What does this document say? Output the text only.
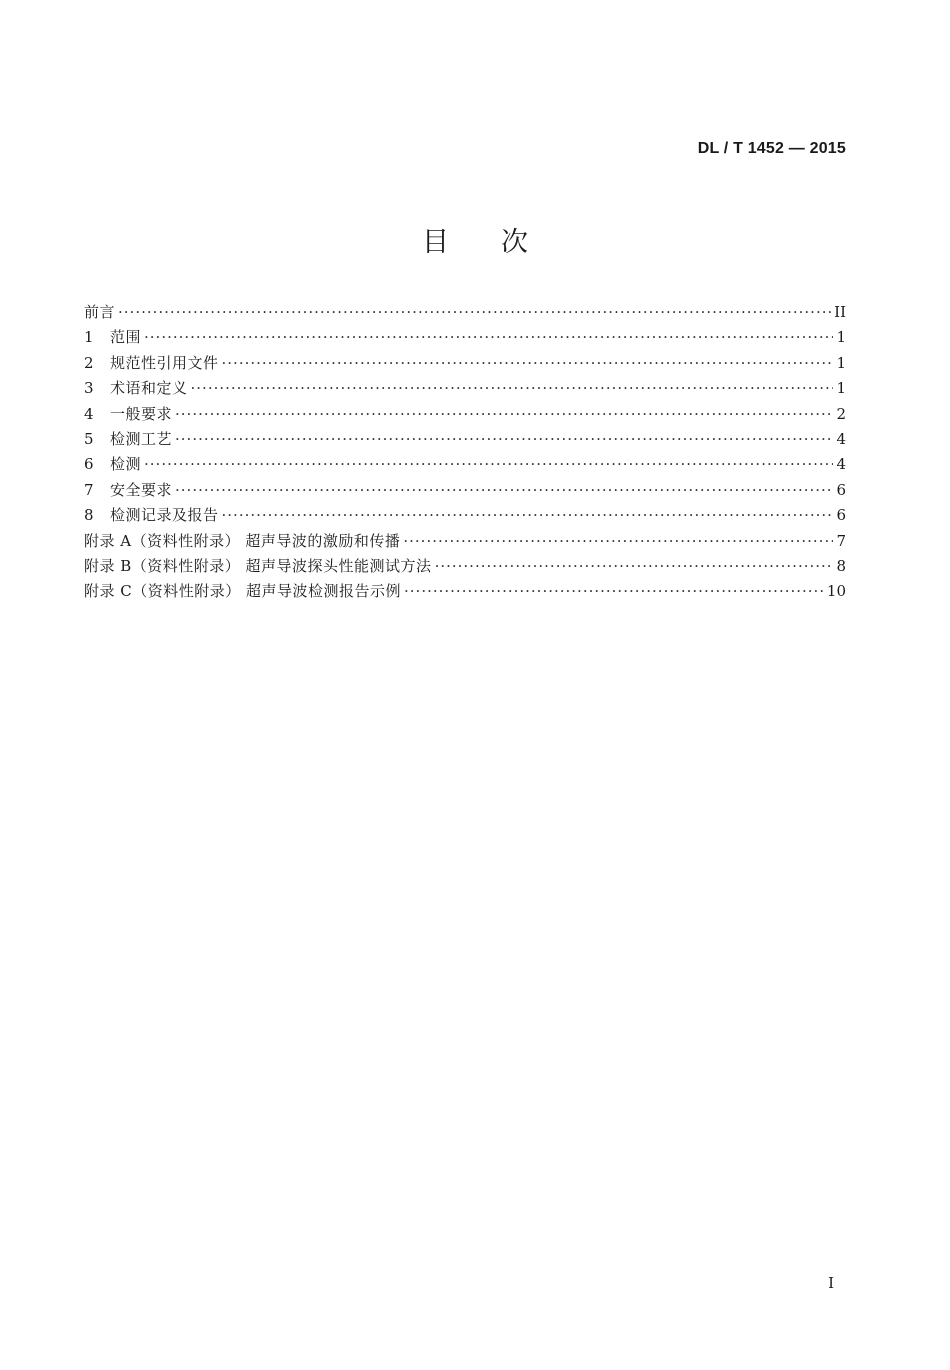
DL / T 1452 — 2015
目次
前言 ·····	II
1	范围 ·····	1
2	规范性引用文件 ·····	1
3	术语和定义 ·····	1
4	一般要求 ·····	2
5	检测工艺 ·····	4
6	检测 ·····	4
7	安全要求 ·····	6
8	检测记录及报告 ·····	6
附录 A（资料性附录） 超声导波的激励和传播 ·····	7
附录 B（资料性附录） 超声导波探头性能测试方法 ·····	8
附录 C（资料性附录） 超声导波检测报告示例 ·····	10
I
